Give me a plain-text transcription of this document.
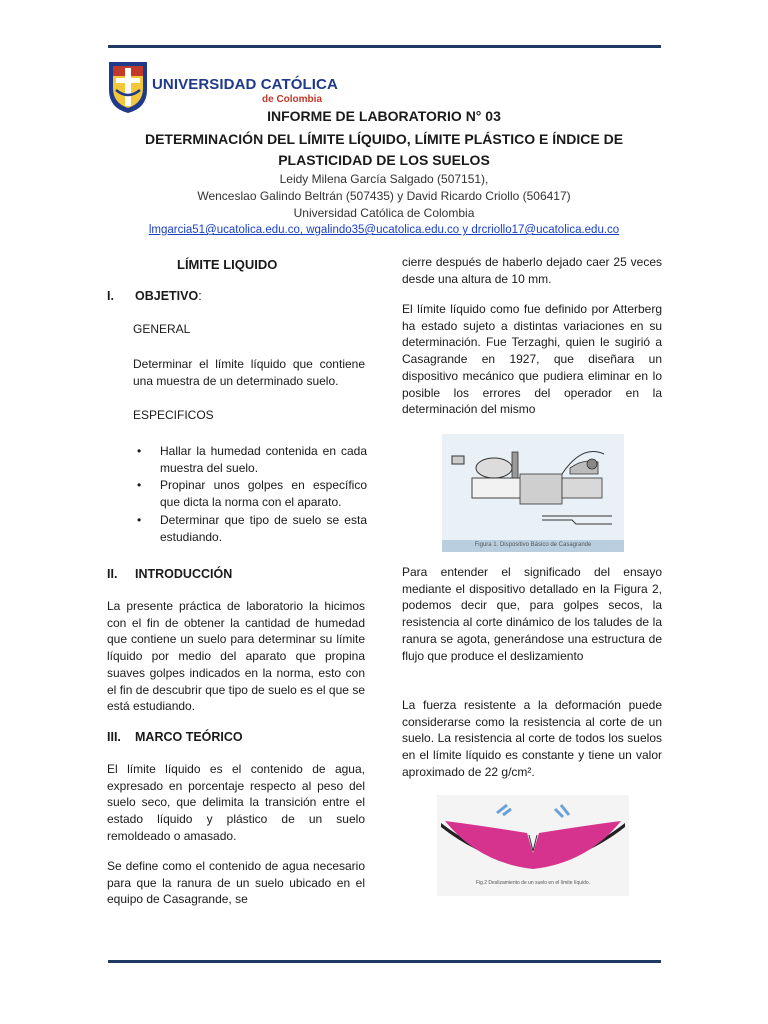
UNIVERSIDAD CATÓLICA
de Colombia
INFORME DE LABORATORIO N° 03
DETERMINACIÓN DEL LÍMITE LÍQUIDO, LÍMITE PLÁSTICO E ÍNDICE DE
PLASTICIDAD DE LOS SUELOS
Leidy Milena García Salgado (507151),
Wenceslao Galindo Beltrán (507435) y David Ricardo Criollo (506417)
Universidad Católica de Colombia
lmgarcia51@ucatolica.edu.co, wgalindo35@ucatolica.edu.co y drcriollo17@ucatolica.edu.co
LÍMITE LIQUIDO
I. OBJETIVO:
GENERAL
Determinar el límite líquido que contiene una muestra de un determinado suelo.
ESPECIFICOS
• Hallar la humedad contenida en cada muestra del suelo.
• Propinar unos golpes en específico que dicta la norma con el aparato.
• Determinar que tipo de suelo se esta estudiando.
II. INTRODUCCIÓN
La presente práctica de laboratorio la hicimos con el fin de obtener la cantidad de humedad que contiene un suelo para determinar su límite líquido por medio del aparato que propina suaves golpes indicados en la norma, esto con el fin de descubrir que tipo de suelo es el que se está estudiando.
III. MARCO TEÓRICO
El límite líquido es el contenido de agua, expresado en porcentaje respecto al peso del suelo seco, que delimita la transición entre el estado líquido y plástico de un suelo remoldeado o amasado.
Se define como el contenido de agua necesario para que la ranura de un suelo ubicado en el equipo de Casagrande, se
cierre después de haberlo dejado caer 25 veces desde una altura de 10 mm.
El límite líquido como fue definido por Atterberg ha estado sujeto a distintas variaciones en su determinación. Fue Terzaghi, quien le sugirió a Casagrande en 1927, que diseñara un dispositivo mecánico que pudiera eliminar en lo posible los errores del operador en la determinación del mismo
Figura 1. Dispositivo Básico de Casagrande
Para entender el significado del ensayo mediante el dispositivo detallado en la Figura 2, podemos decir que, para golpes secos, la resistencia al corte dinámico de los taludes de la ranura se agota, generándose una estructura de flujo que produce el deslizamiento
La fuerza resistente a la deformación puede considerarse como la resistencia al corte de un suelo. La resistencia al corte de todos los suelos en el límite líquido es constante y tiene un valor aproximado de 22 g/cm².
Fig.2 Deslizamiento de un suelo en el límite líquido.
